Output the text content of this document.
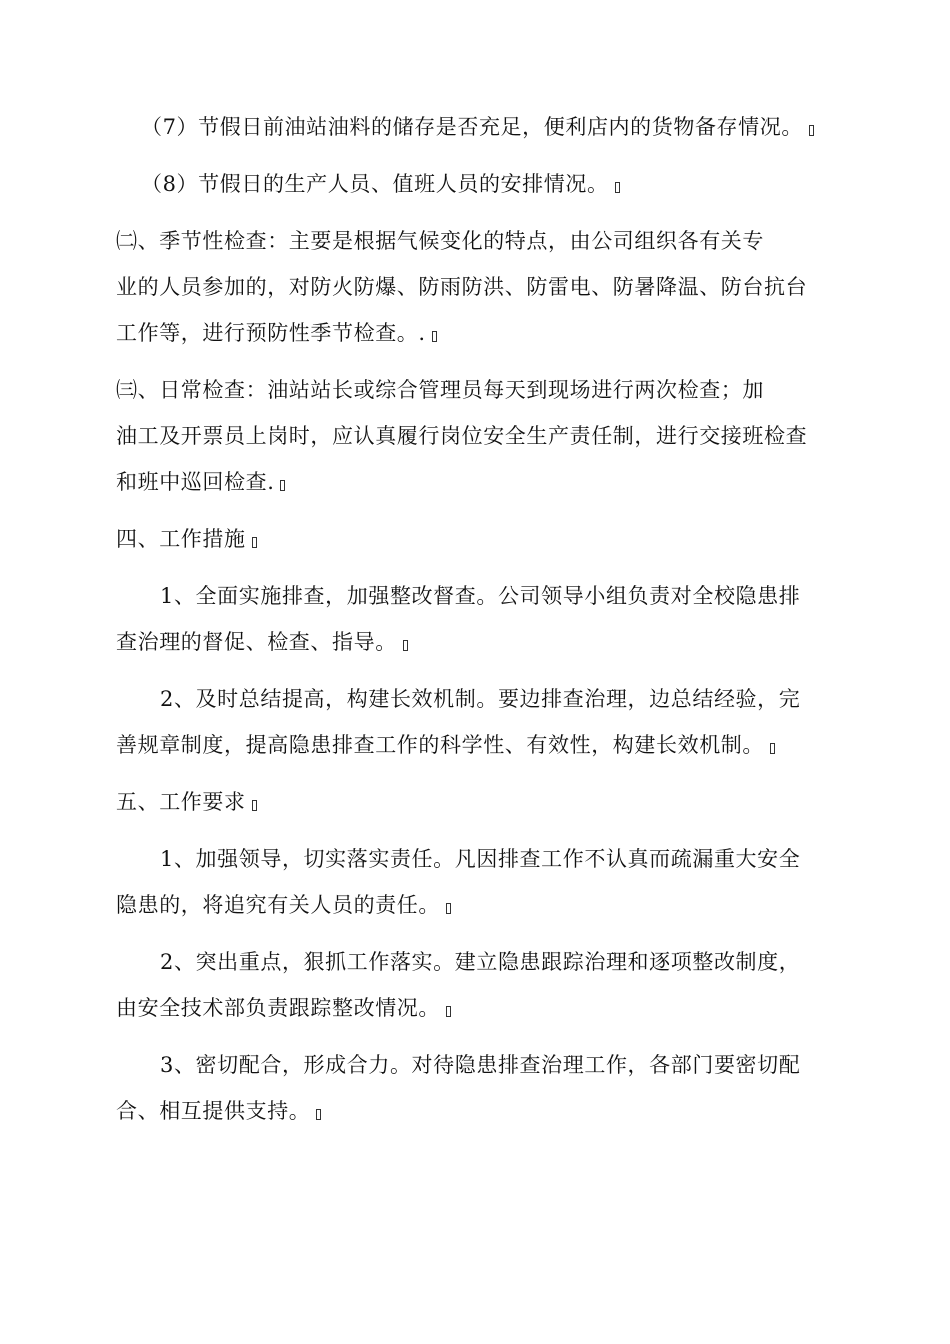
（7）节假日前油站油料的储存是否充足，便利店内的货物备存情况。

（8）节假日的生产人员、值班人员的安排情况。

㈡、季节性检查：主要是根据气候变化的特点，由公司组织各有关专
业的人员参加的，对防火防爆、防雨防洪、防雷电、防暑降温、防台抗台
工作等，进行预防性季节检查。.

㈢、日常检查：油站站长或综合管理员每天到现场进行两次检查；加
油工及开票员上岗时，应认真履行岗位安全生产责任制，进行交接班检查
和班中巡回检查.

四、工作措施

1、全面实施排查，加强整改督查。公司领导小组负责对全校隐患排
查治理的督促、检查、指导。

2、及时总结提高，构建长效机制。要边排查治理，边总结经验，完
善规章制度，提高隐患排查工作的科学性、有效性，构建长效机制。

五、工作要求

1、加强领导，切实落实责任。凡因排查工作不认真而疏漏重大安全
隐患的，将追究有关人员的责任。

2、突出重点，狠抓工作落实。建立隐患跟踪治理和逐项整改制度，
由安全技术部负责跟踪整改情况。

3、密切配合，形成合力。对待隐患排查治理工作，各部门要密切配
合、相互提供支持。
